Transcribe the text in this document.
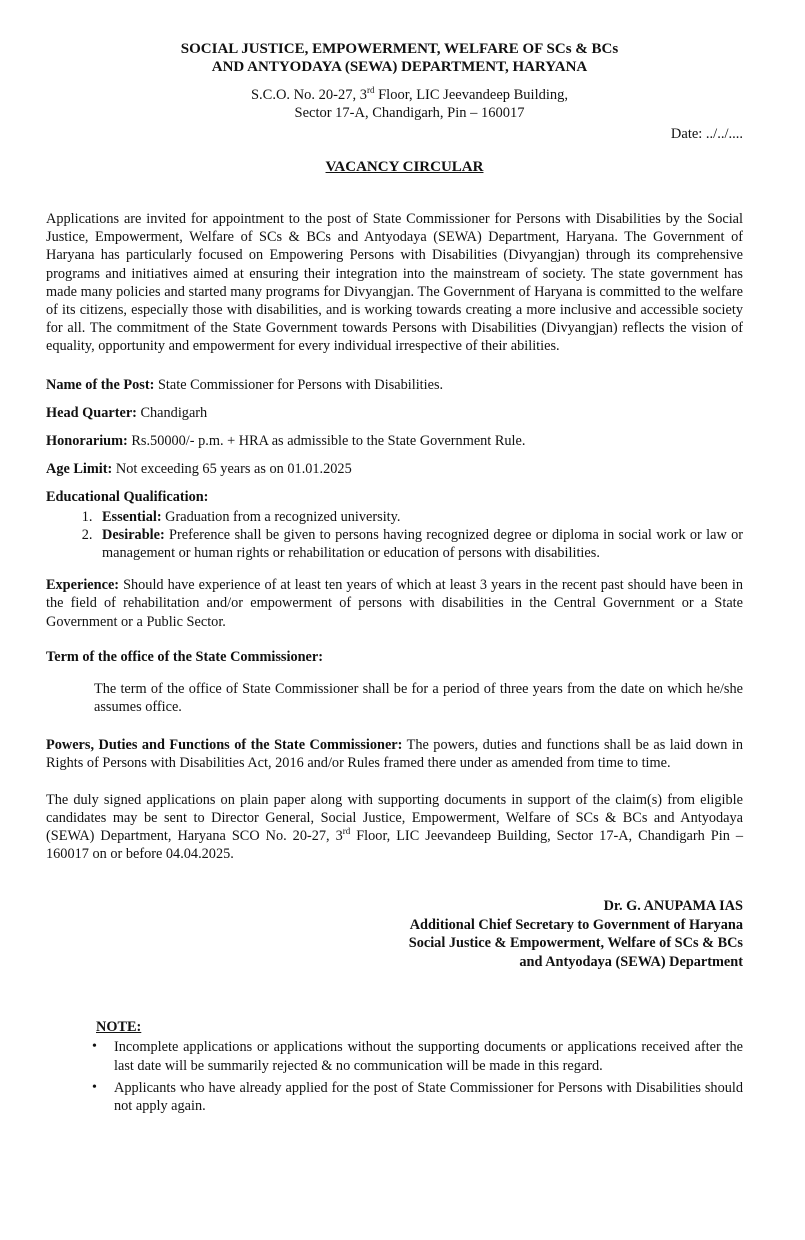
SOCIAL JUSTICE, EMPOWERMENT, WELFARE OF SCs & BCs
AND ANTYODAYA (SEWA) DEPARTMENT, HARYANA
S.C.O. No. 20-27, 3rd Floor, LIC Jeevandeep Building,
Sector 17-A, Chandigarh, Pin – 160017
Date: ../../....
VACANCY CIRCULAR

Applications are invited for appointment to the post of State Commissioner for Persons with Disabilities by the Social Justice, Empowerment, Welfare of SCs & BCs and Antyodaya (SEWA) Department, Haryana. The Government of Haryana has particularly focused on Empowering Persons with Disabilities (Divyangjan) through its comprehensive programs and initiatives aimed at ensuring their integration into the mainstream of society. The state government has made many policies and started many programs for Divyangjan. The Government of Haryana is committed to the welfare of its citizens, especially those with disabilities, and is working towards creating a more inclusive and accessible society for all. The commitment of the State Government towards Persons with Disabilities (Divyangjan) reflects the vision of equality, opportunity and empowerment for every individual irrespective of their abilities.

Name of the Post: State Commissioner for Persons with Disabilities.
Head Quarter: Chandigarh
Honorarium: Rs.50000/- p.m. + HRA as admissible to the State Government Rule.
Age Limit: Not exceeding 65 years as on 01.01.2025
Educational Qualification:
1. Essential: Graduation from a recognized university.
2. Desirable: Preference shall be given to persons having recognized degree or diploma in social work or law or management or human rights or rehabilitation or education of persons with disabilities.

Experience: Should have experience of at least ten years of which at least 3 years in the recent past should have been in the field of rehabilitation and/or empowerment of persons with disabilities in the Central Government or a State Government or a Public Sector.

Term of the office of the State Commissioner:

The term of the office of State Commissioner shall be for a period of three years from the date on which he/she assumes office.

Powers, Duties and Functions of the State Commissioner: The powers, duties and functions shall be as laid down in Rights of Persons with Disabilities Act, 2016 and/or Rules framed there under as amended from time to time.

The duly signed applications on plain paper along with supporting documents in support of the claim(s) from eligible candidates may be sent to Director General, Social Justice, Empowerment, Welfare of SCs & BCs and Antyodaya (SEWA) Department, Haryana SCO No. 20-27, 3rd Floor, LIC Jeevandeep Building, Sector 17-A, Chandigarh Pin – 160017 on or before 04.04.2025.

Dr. G. ANUPAMA IAS
Additional Chief Secretary to Government of Haryana
Social Justice & Empowerment, Welfare of SCs & BCs
and Antyodaya (SEWA) Department
NOTE:
• Incomplete applications or applications without the supporting documents or applications received after the last date will be summarily rejected & no communication will be made in this regard.
• Applicants who have already applied for the post of State Commissioner for Persons with Disabilities should not apply again.
